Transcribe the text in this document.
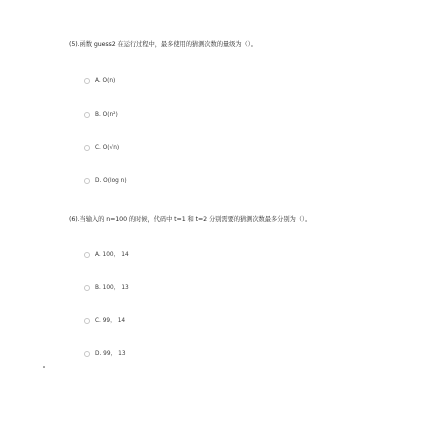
(5).函数 guess2 在运行过程中，最多使用的猜测次数的量级为（）。
A. O(n)
B. O(n²)
C. O(√n)
D. O(log n)
(6).当输入的 n=100 的时候，代码中 t=1 和 t=2 分别需要的猜测次数最多分别为（）。
A. 100， 14
B. 100， 13
C. 99， 14
D. 99， 13
